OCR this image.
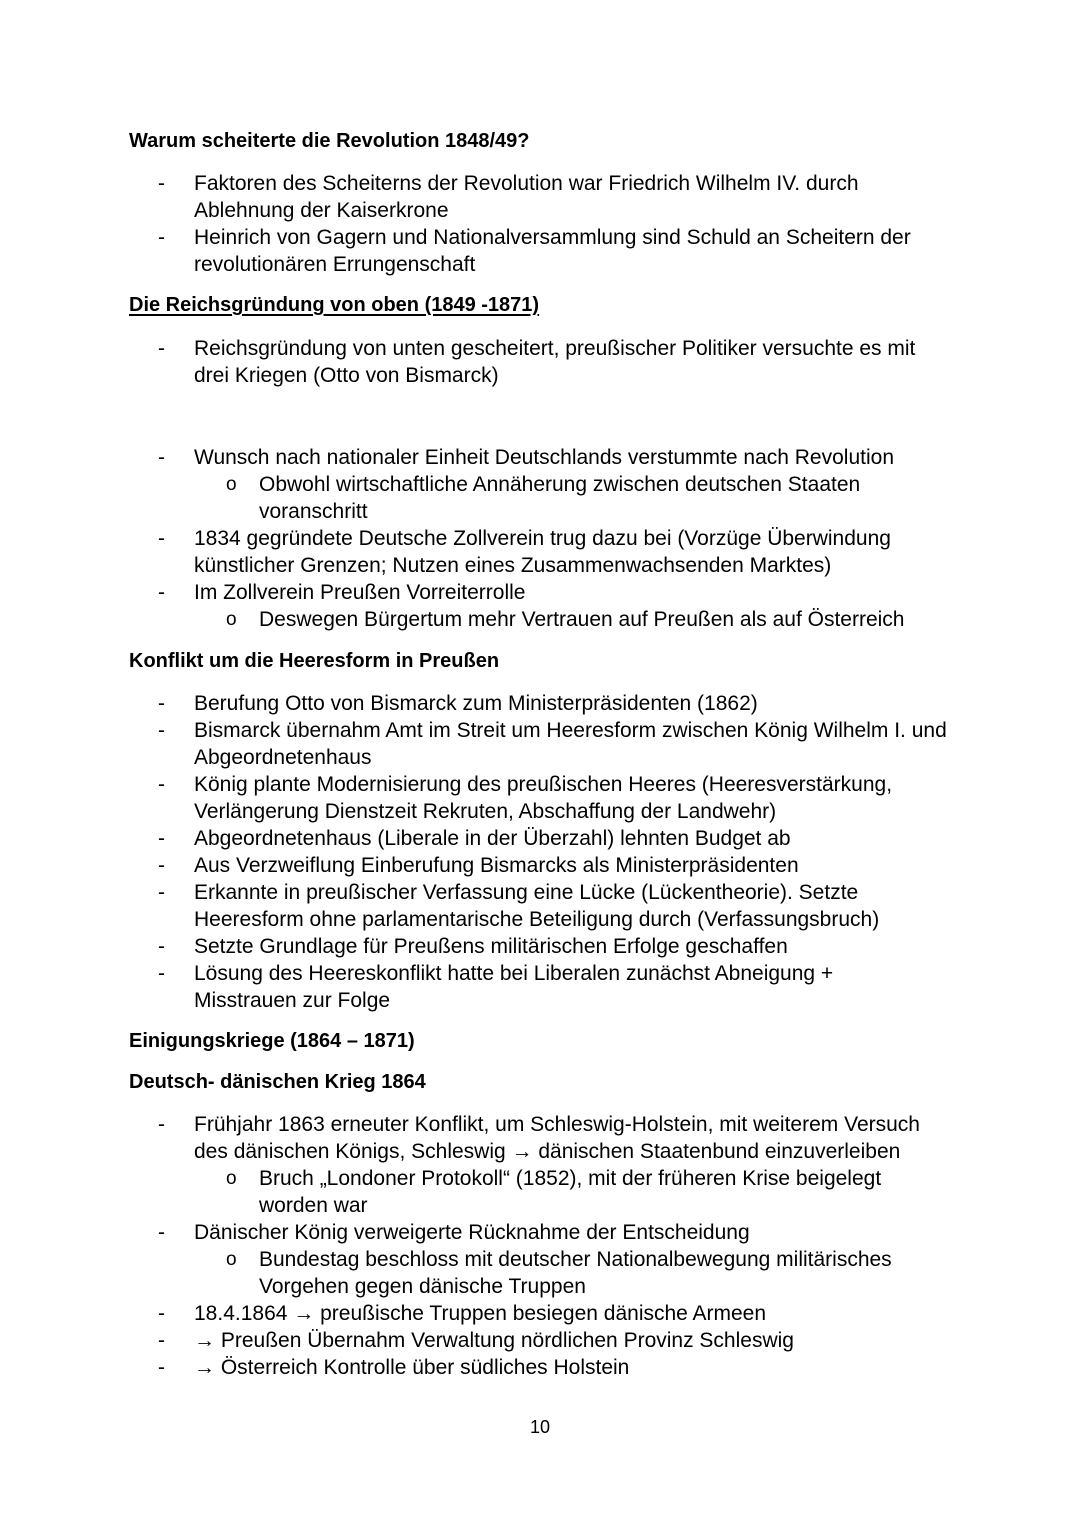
Warum scheiterte die Revolution 1848/49?
- Faktoren des Scheiterns der Revolution war Friedrich Wilhelm IV. durch Ablehnung der Kaiserkrone
- Heinrich von Gagern und Nationalversammlung sind Schuld an Scheitern der revolutionären Errungenschaft
Die Reichsgründung von oben (1849 -1871)
- Reichsgründung von unten gescheitert, preußischer Politiker versuchte es mit drei Kriegen (Otto von Bismarck)
- Wunsch nach nationaler Einheit Deutschlands verstummte nach Revolution
o Obwohl wirtschaftliche Annäherung zwischen deutschen Staaten voranschritt
- 1834 gegründete Deutsche Zollverein trug dazu bei (Vorzüge Überwindung künstlicher Grenzen; Nutzen eines Zusammenwachsenden Marktes)
- Im Zollverein Preußen Vorreiterrolle
o Deswegen Bürgertum mehr Vertrauen auf Preußen als auf Österreich
Konflikt um die Heeresform in Preußen
- Berufung Otto von Bismarck zum Ministerpräsidenten (1862)
- Bismarck übernahm Amt im Streit um Heeresform zwischen König Wilhelm I. und Abgeordnetenhaus
- König plante Modernisierung des preußischen Heeres (Heeresverstärkung, Verlängerung Dienstzeit Rekruten, Abschaffung der Landwehr)
- Abgeordnetenhaus (Liberale in der Überzahl) lehnten Budget ab
- Aus Verzweiflung Einberufung Bismarcks als Ministerpräsidenten
- Erkannte in preußischer Verfassung eine Lücke (Lückentheorie). Setzte Heeresform ohne parlamentarische Beteiligung durch (Verfassungsbruch)
- Setzte Grundlage für Preußens militärischen Erfolge geschaffen
- Lösung des Heereskonflikt hatte bei Liberalen zunächst Abneigung + Misstrauen zur Folge
Einigungskriege (1864 – 1871)
Deutsch- dänischen Krieg 1864
- Frühjahr 1863 erneuter Konflikt, um Schleswig-Holstein, mit weiterem Versuch des dänischen Königs, Schleswig → dänischen Staatenbund einzuverleiben
o Bruch „Londoner Protokoll“ (1852), mit der früheren Krise beigelegt worden war
- Dänischer König verweigerte Rücknahme der Entscheidung
o Bundestag beschloss mit deutscher Nationalbewegung militärisches Vorgehen gegen dänische Truppen
- 18.4.1864 → preußische Truppen besiegen dänische Armeen
- → Preußen Übernahm Verwaltung nördlichen Provinz Schleswig
- → Österreich Kontrolle über südliches Holstein
10
